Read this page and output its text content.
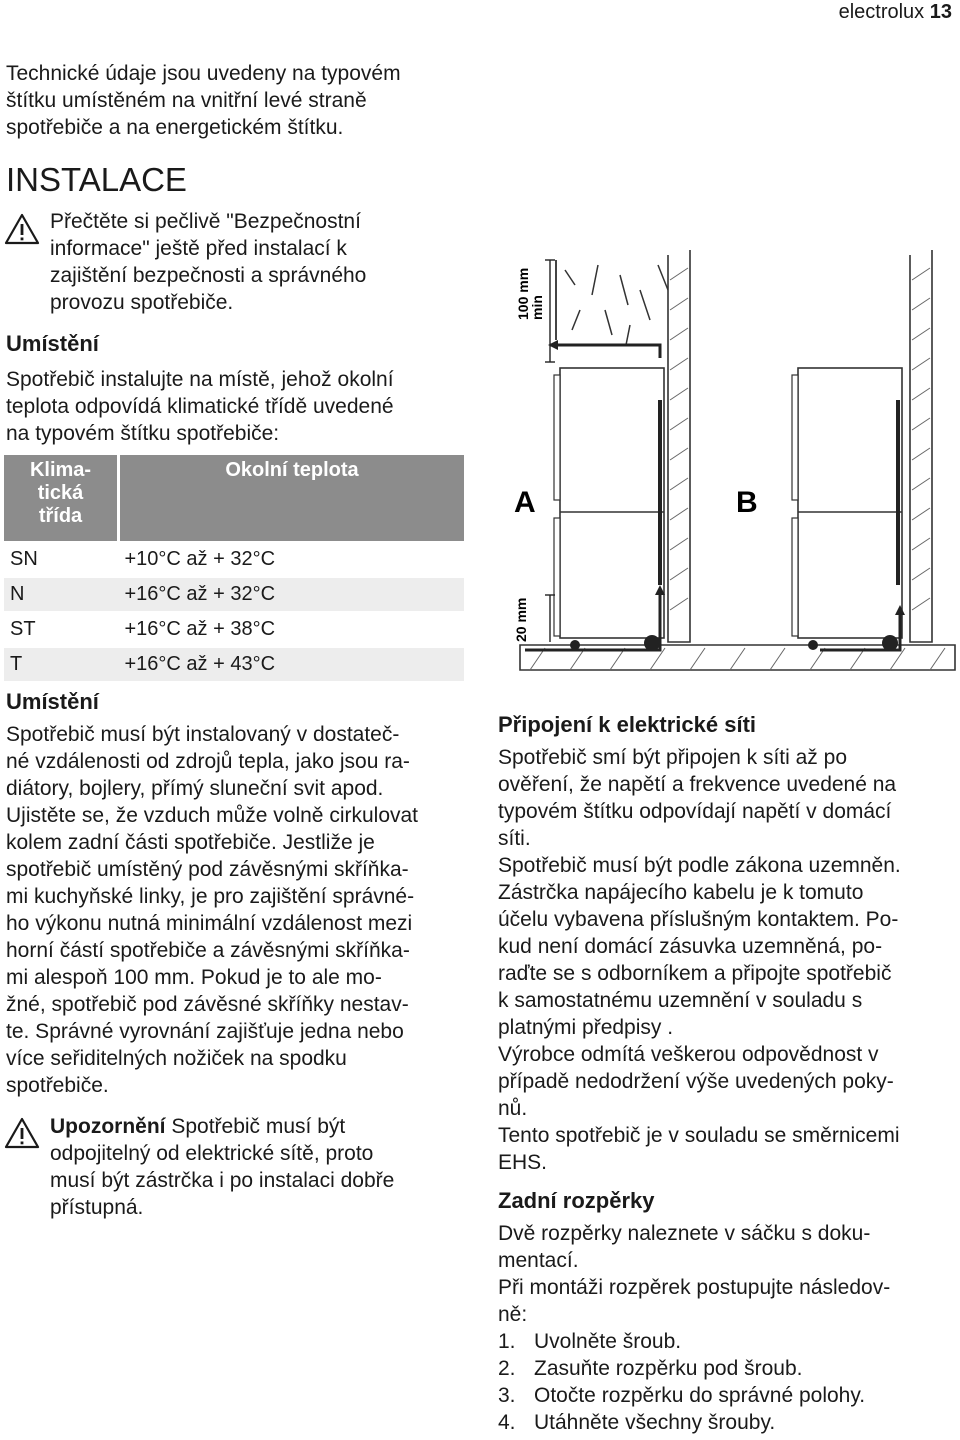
electrolux 13

Technické údaje jsou uvedeny na typovém

štítku umístěném na vnitřní levé straně

spotřebiče a na energetickém štítku.

INSTALACE

Přečtěte si pečlivě "Bezpečnostní

informace" ještě před instalací k

zajištění bezpečnosti a správného

provozu spotřebiče.

Umístění

Spotřebič instalujte na místě, jehož okolní

teplota odpovídá klimatické třídě uvedené

na typovém štítku spotřebiče:

Klima-
tická
třída	Okolní teplota
SN	+10°C až + 32°C
N	+16°C až + 32°C
ST	+16°C až + 38°C
T	+16°C až + 43°C
100 mm
min
20 mm
A	B
Umístění

Spotřebič musí být instalovaný v dostateč-

né vzdálenosti od zdrojů tepla, jako jsou ra-

diátory, bojlery, přímý sluneční svit apod.

Ujistěte se, že vzduch může volně cirkulovat

kolem zadní části spotřebiče. Jestliže je

spotřebič umístěný pod závěsnými skříňka-

mi kuchyňské linky, je pro zajištění správné-

ho výkonu nutná minimální vzdálenost mezi

horní částí spotřebiče a závěsnými skříňka-

mi alespoň 100 mm. Pokud je to ale mo-

žné, spotřebič pod závěsné skříňky nestav-

te. Správné vyrovnání zajišťuje jedna nebo

více seřiditelných nožiček na spodku

spotřebiče.

Upozornění Spotřebič musí být

odpojitelný od elektrické sítě, proto

musí být zástrčka i po instalaci dobře

přístupná.

Připojení k elektrické síti

Spotřebič smí být připojen k síti až po

ověření, že napětí a frekvence uvedené na

typovém štítku odpovídají napětí v domácí

síti.

Spotřebič musí být podle zákona uzemněn.

Zástrčka napájecího kabelu je k tomuto

účelu vybavena příslušným kontaktem. Po-

kud není domácí zásuvka uzemněná, po-

raďte se s odborníkem a připojte spotřebič

k samostatnému uzemnění v souladu s

platnými předpisy .

Výrobce odmítá veškerou odpovědnost v

případě nedodržení výše uvedených poky-

nů.

Tento spotřebič je v souladu se směrnicemi

EHS.

Zadní rozpěrky

Dvě rozpěrky naleznete v sáčku s doku-

mentací.

Při montáži rozpěrek postupujte následov-

ně:

1. Uvolněte šroub.
2. Zasuňte rozpěrku pod šroub.
3. Otočte rozpěrku do správné polohy.
4. Utáhněte všechny šrouby.
